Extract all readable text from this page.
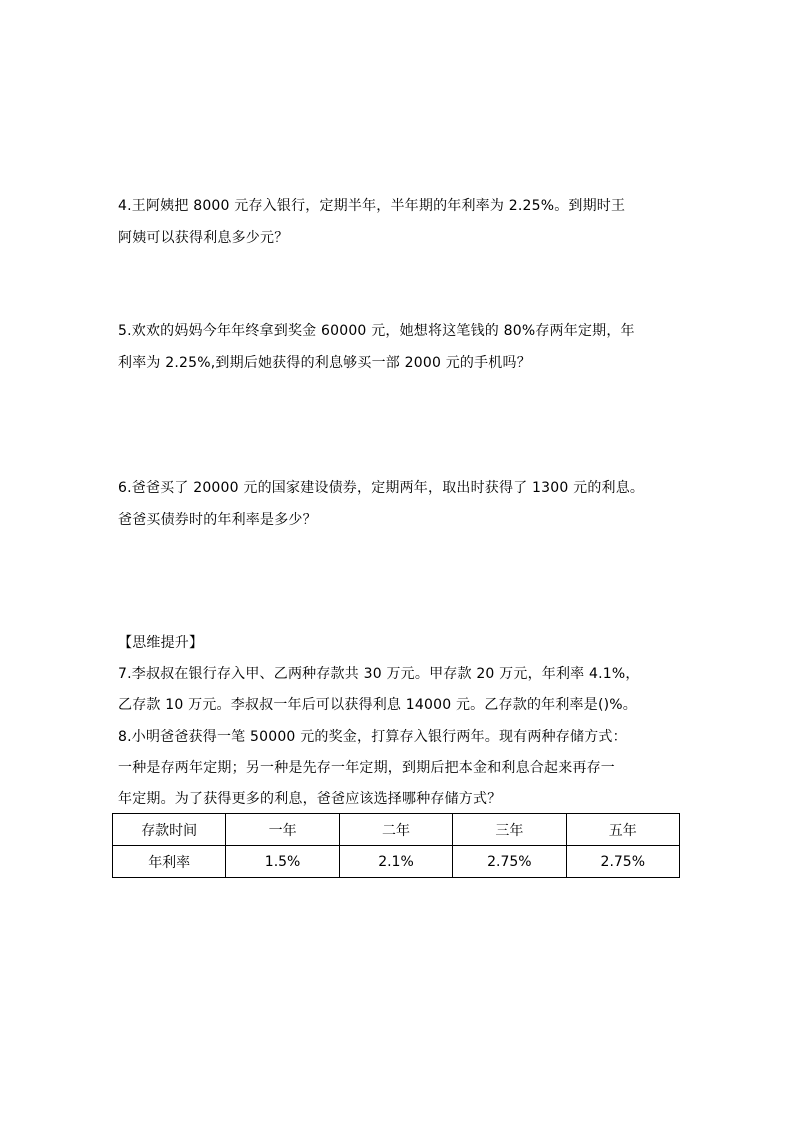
4.王阿姨把 8000 元存入银行，定期半年，半年期的年利率为 2.25%。到期时王
阿姨可以获得利息多少元？
5.欢欢的妈妈今年年终拿到奖金 60000 元，她想将这笔钱的 80%存两年定期，年
利率为 2.25%,到期后她获得的利息够买一部 2000 元的手机吗？
6.爸爸买了 20000 元的国家建设债券，定期两年，取出时获得了 1300 元的利息。
爸爸买债券时的年利率是多少？
【思维提升】
7.李叔叔在银行存入甲、乙两种存款共 30 万元。甲存款 20 万元，年利率 4.1%，
乙存款 10 万元。李叔叔一年后可以获得利息 14000 元。乙存款的年利率是()%。
8.小明爸爸获得一笔 50000 元的奖金，打算存入银行两年。现有两种存储方式：
一种是存两年定期；另一种是先存一年定期，到期后把本金和利息合起来再存一
年定期。为了获得更多的利息，爸爸应该选择哪种存储方式？
存款时间	一年	二年	三年	五年
年利率	1.5%	2.1%	2.75%	2.75%
